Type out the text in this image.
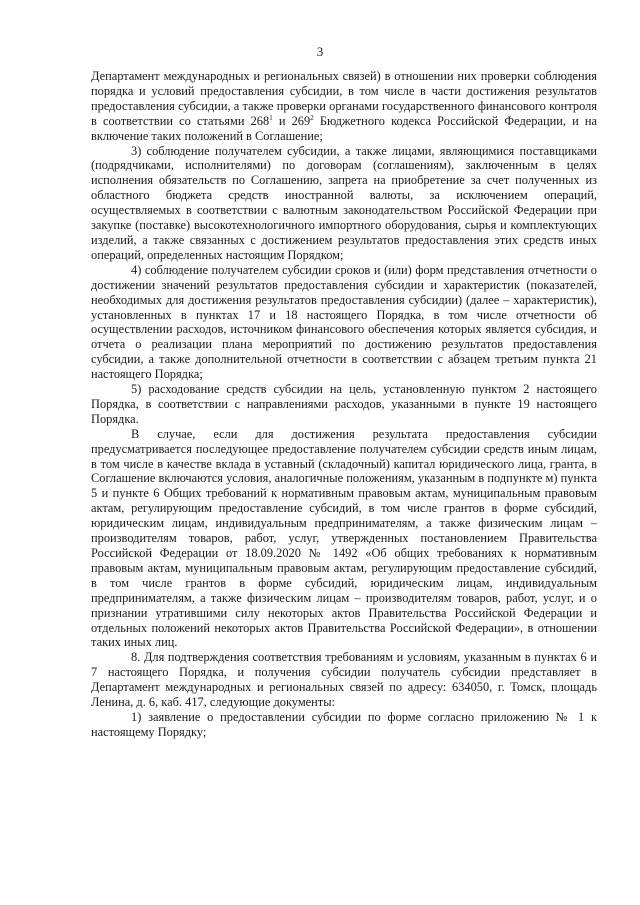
3

Департамент международных и региональных связей) в отношении них проверки соблюдения порядка и условий предоставления субсидии, в том числе в части достижения результатов предоставления субсидии, а также проверки органами государственного финансового контроля в соответствии со статьями $268^1$ и $269^2$ Бюджетного кодекса Российской Федерации, и на включение таких положений в Соглашение;

3) соблюдение получателем субсидии, а также лицами, являющимися поставщиками (подрядчиками, исполнителями) по договорам (соглашениям), заключенным в целях исполнения обязательств по Соглашению, запрета на приобретение за счет полученных из областного бюджета средств иностранной валюты, за исключением операций, осуществляемых в соответствии с валютным законодательством Российской Федерации при закупке (поставке) высокотехнологичного импортного оборудования, сырья и комплектующих изделий, а также связанных с достижением результатов предоставления этих средств иных операций, определенных настоящим Порядком;

4) соблюдение получателем субсидии сроков и (или) форм представления отчетности о достижении значений результатов предоставления субсидии и характеристик (показателей, необходимых для достижения результатов предоставления субсидии) (далее – характеристик), установленных в пунктах 17 и 18 настоящего Порядка, в том числе отчетности об осуществлении расходов, источником финансового обеспечения которых является субсидия, и отчета о реализации плана мероприятий по достижению результатов предоставления субсидии, а также дополнительной отчетности в соответствии с абзацем третьим пункта 21 настоящего Порядка;

5) расходование средств субсидии на цель, установленную пунктом 2 настоящего Порядка, в соответствии с направлениями расходов, указанными в пункте 19 настоящего Порядка.

В случае, если для достижения результата предоставления субсидии предусматривается последующее предоставление получателем субсидии средств иным лицам, в том числе в качестве вклада в уставный (складочный) капитал юридического лица, гранта, в Соглашение включаются условия, аналогичные положениям, указанным в подпункте м) пункта 5 и пункте 6 Общих требований к нормативным правовым актам, муниципальным правовым актам, регулирующим предоставление субсидий, в том числе грантов в форме субсидий, юридическим лицам, индивидуальным предпринимателям, а также физическим лицам – производителям товаров, работ, услуг, утвержденных постановлением Правительства Российской Федерации от 18.09.2020 № 1492 «Об общих требованиях к нормативным правовым актам, муниципальным правовым актам, регулирующим предоставление субсидий, в том числе грантов в форме субсидий, юридическим лицам, индивидуальным предпринимателям, а также физическим лицам – производителям товаров, работ, услуг, и о признании утратившими силу некоторых актов Правительства Российской Федерации и отдельных положений некоторых актов Правительства Российской Федерации», в отношении таких иных лиц.

8. Для подтверждения соответствия требованиям и условиям, указанным в пунктах 6 и 7 настоящего Порядка, и получения субсидии получатель субсидии представляет в Департамент международных и региональных связей по адресу: 634050, г. Томск, площадь Ленина, д. 6, каб. 417, следующие документы:

1) заявление о предоставлении субсидии по форме согласно приложению № 1 к настоящему Порядку;
